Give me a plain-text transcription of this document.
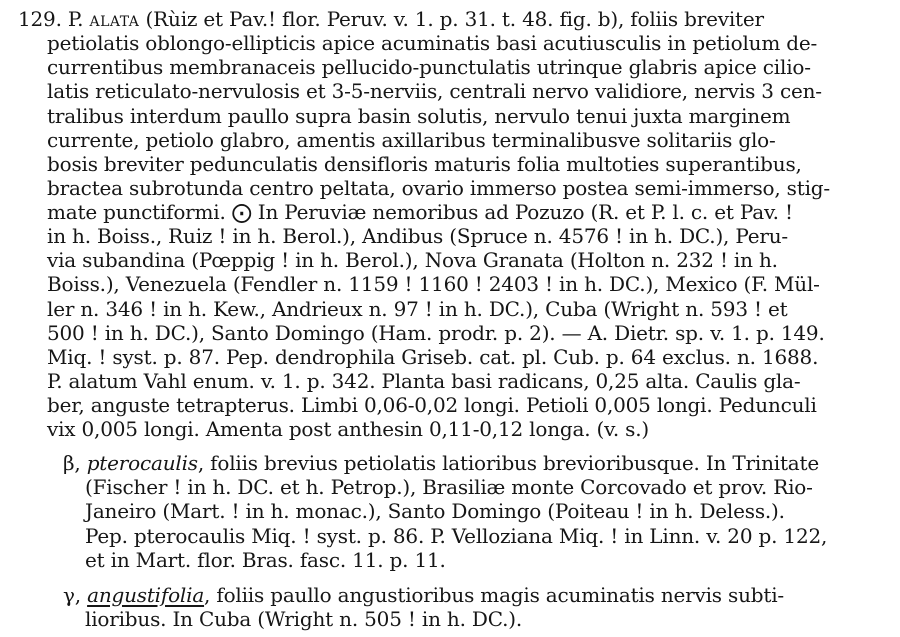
129. P. ALATA (Rùiz et Pav.! flor. Peruv. v. 1. p. 31. t. 48. fig. b), foliis breviter
petiolatis oblongo-ellipticis apice acuminatis basi acutiusculis in petiolum de-
currentibus membranaceis pellucido-punctulatis utrinque glabris apice cilio-
latis reticulato-nervulosis et 3-5-nerviis, centrali nervo validiore, nervis 3 cen-
tralibus interdum paullo supra basin solutis, nervulo tenui juxta marginem
currente, petiolo glabro, amentis axillaribus terminalibusve solitariis glo-
bosis breviter pedunculatis densifloris maturis folia multoties superantibus,
bractea subrotunda centro peltata, ovario immerso postea semi-immerso, stig-
mate punctiformi. ⨀ In Peruviæ nemoribus ad Pozuzo (R. et P. l. c. et Pav. !
in h. Boiss., Ruiz ! in h. Berol.), Andibus (Spruce n. 4576 ! in h. DC.), Peru-
via subandina (Pœppig ! in h. Berol.), Nova Granata (Holton n. 232 ! in h.
Boiss.), Venezuela (Fendler n. 1159 ! 1160 ! 2403 ! in h. DC.), Mexico (F. Mül-
ler n. 346 ! in h. Kew., Andrieux n. 97 ! in h. DC.), Cuba (Wright n. 593 ! et
500 ! in h. DC.), Santo Domingo (Ham. prodr. p. 2). — A. Dietr. sp. v. 1. p. 149.
Miq. ! syst. p. 87. Pep. dendrophila Griseb. cat. pl. Cub. p. 64 exclus. n. 1688.
P. alatum Vahl enum. v. 1. p. 342. Planta basi radicans, 0,25 alta. Caulis gla-
ber, anguste tetrapterus. Limbi 0,06-0,02 longi. Petioli 0,005 longi. Pedunculi
vix 0,005 longi. Amenta post anthesin 0,11-0,12 longa. (v. s.)
β, pterocaulis, foliis brevius petiolatis latioribus brevioribusque. In Trinitate
(Fischer ! in h. DC. et h. Petrop.), Brasiliæ monte Corcovado et prov. Rio-
Janeiro (Mart. ! in h. monac.), Santo Domingo (Poiteau ! in h. Deless.).
Pep. pterocaulis Miq. ! syst. p. 86. P. Velloziana Miq. ! in Linn. v. 20 p. 122,
et in Mart. flor. Bras. fasc. 11. p. 11.
γ, angustifolia, foliis paullo angustioribus magis acuminatis nervis subti-
lioribus. In Cuba (Wright n. 505 ! in h. DC.).
